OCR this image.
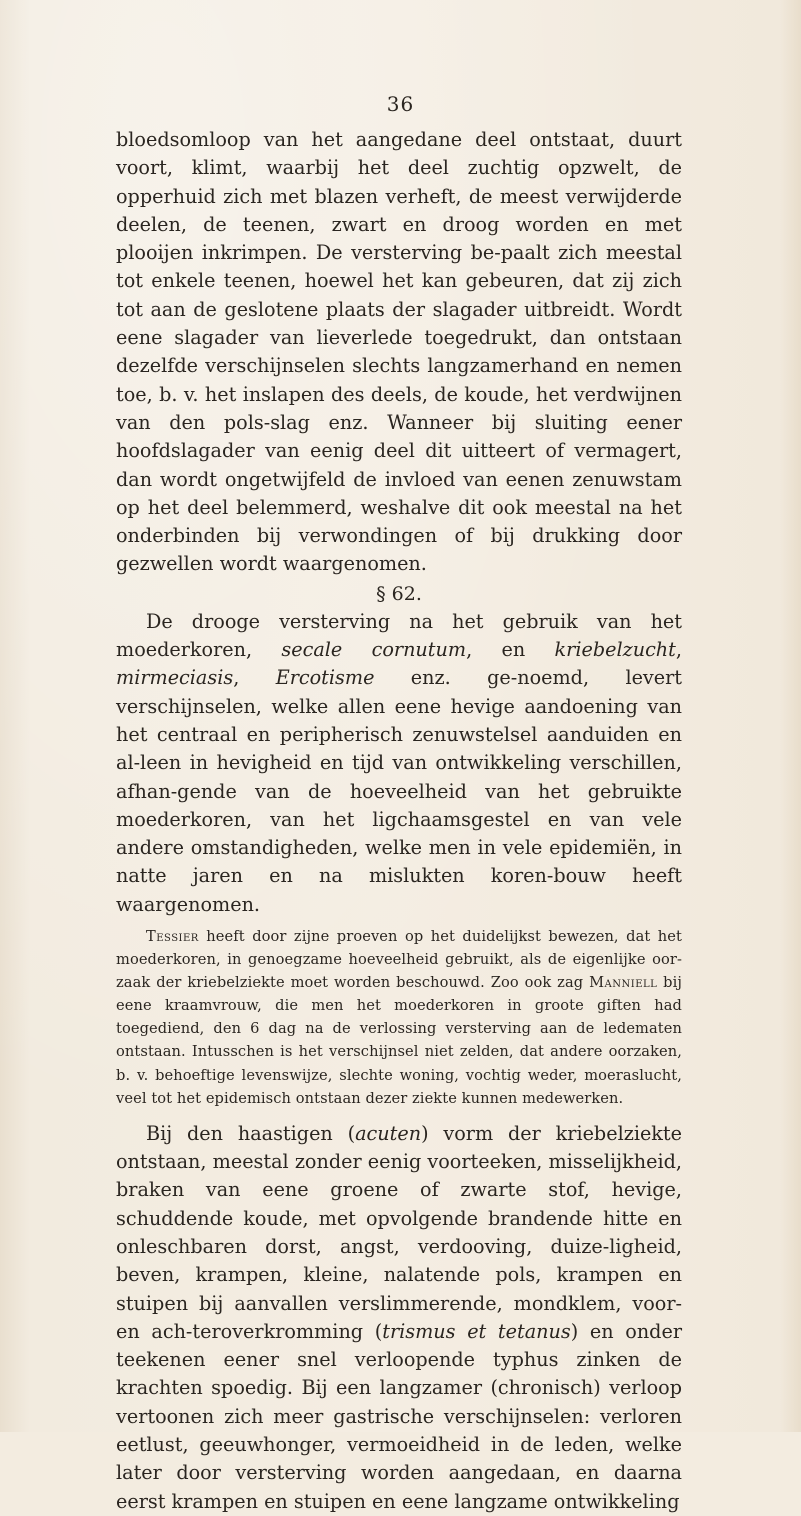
36

bloedsomloop van het aangedane deel ontstaat, duurt voort, klimt, waarbij het deel zuchtig opzwelt, de opperhuid zich met blazen verheft, de meest verwijderde deelen, de teenen, zwart en droog worden en met plooijen inkrimpen. De versterving be-paalt zich meestal tot enkele teenen, hoewel het kan gebeuren, dat zij zich tot aan de geslotene plaats der slagader uitbreidt. Wordt eene slagader van lieverlede toegedrukt, dan ontstaan dezelfde verschijnselen slechts langzamerhand en nemen toe, b. v. het inslapen des deels, de koude, het verdwijnen van den pols-slag enz. Wanneer bij sluiting eener hoofdslagader van eenig deel dit uitteert of vermagert, dan wordt ongetwijfeld de invloed van eenen zenuwstam op het deel belemmerd, weshalve dit ook meestal na het onderbinden bij verwondingen of bij drukking door gezwellen wordt waargenomen.

§ 62.

De drooge versterving na het gebruik van het moederkoren, secale cornutum, en kriebelzucht, mirmeciasis, Ercotisme enz. ge-noemd, levert verschijnselen, welke allen eene hevige aandoening van het centraal en peripherisch zenuwstelsel aanduiden en al-leen in hevigheid en tijd van ontwikkeling verschillen, afhan-gende van de hoeveelheid van het gebruikte moederkoren, van het ligchaamsgestel en van vele andere omstandigheden, welke men in vele epidemiën, in natte jaren en na mislukten koren-bouw heeft waargenomen.

Tessier heeft door zijne proeven op het duidelijkst bewezen, dat het moederkoren, in genoegzame hoeveelheid gebruikt, als de eigenlijke oor-zaak der kriebelziekte moet worden beschouwd. Zoo ook zag Manniell bij eene kraamvrouw, die men het moederkoren in groote giften had toegediend, den 6 dag na de verlossing versterving aan de ledematen ontstaan. Intusschen is het verschijnsel niet zelden, dat andere oorzaken, b. v. behoeftige levenswijze, slechte woning, vochtig weder, moeraslucht, veel tot het epidemisch ontstaan dezer ziekte kunnen medewerken.

Bij den haastigen (acuten) vorm der kriebelziekte ontstaan, meestal zonder eenig voorteeken, misselijkheid, braken van eene groene of zwarte stof, hevige, schuddende koude, met opvolgende brandende hitte en onleschbaren dorst, angst, verdooving, duize-ligheid, beven, krampen, kleine, nalatende pols, krampen en stuipen bij aanvallen verslimmerende, mondklem, voor- en ach-teroverkromming (trismus et tetanus) en onder teekenen eener snel verloopende typhus zinken de krachten spoedig. Bij een langzamer (chronisch) verloop vertoonen zich meer gastrische verschijnselen: verloren eetlust, geeuwhonger, vermoeidheid in de leden, welke later door versterving worden aangedaan, en daarna eerst krampen en stuipen en eene langzame ontwikkeling
